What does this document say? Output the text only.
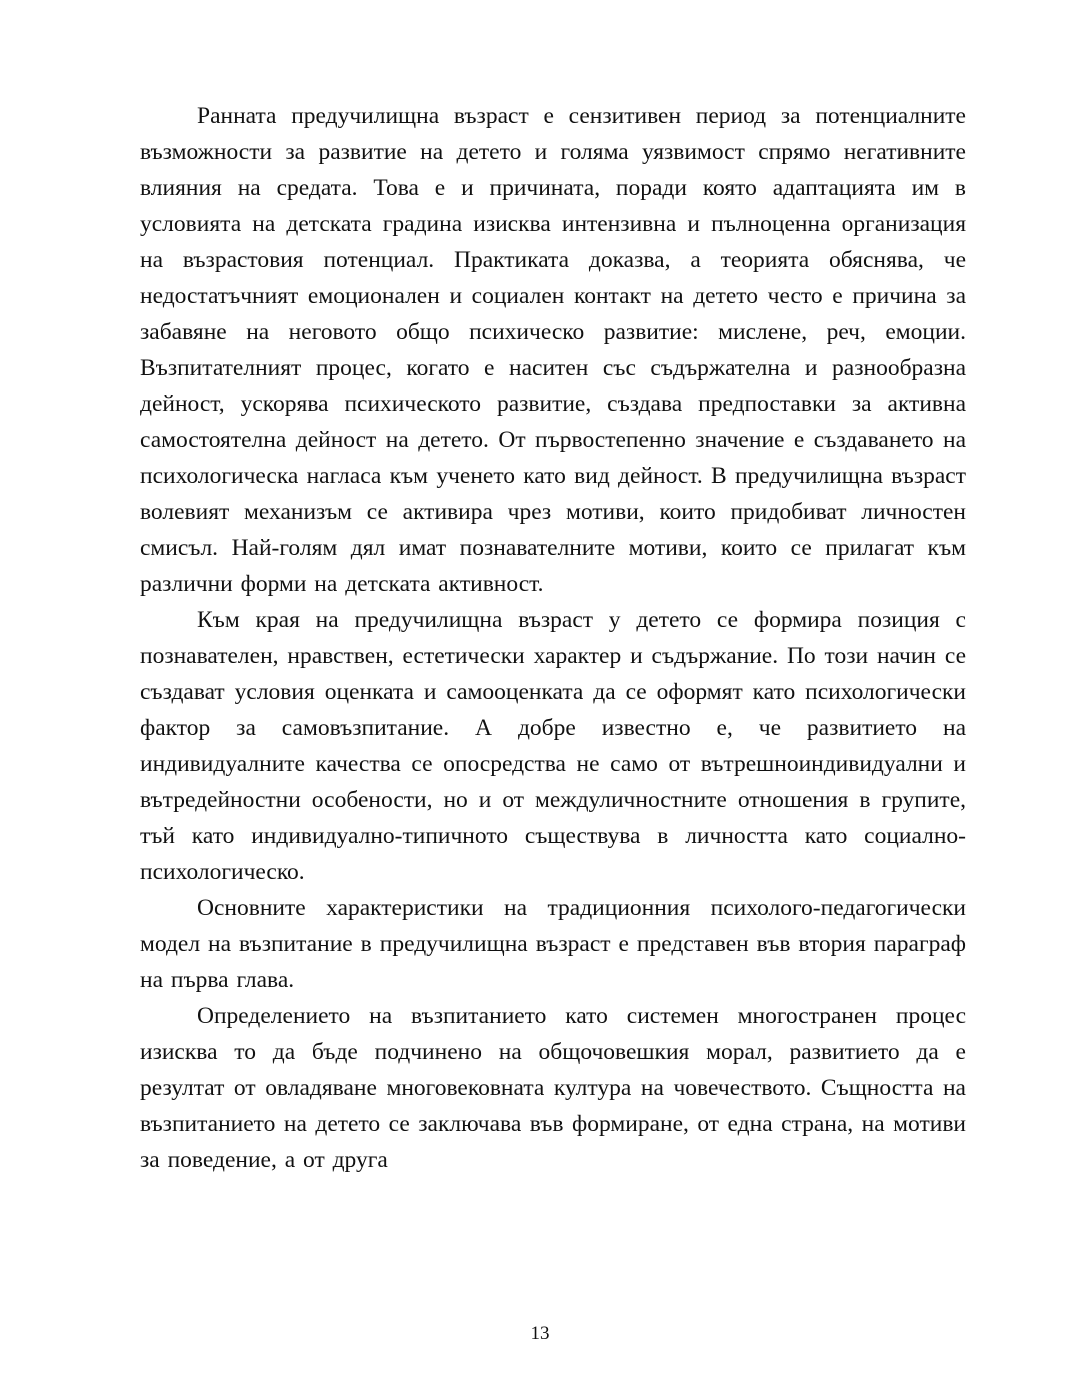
Ранната предучилищна възраст е сензитивен период за потенциалните възможности за развитие на детето и голяма уязвимост спрямо негативните влияния на средата. Това е и причината, поради която адаптацията им в условията на детската градина изисква интензивна и пълноценна организация на възрастовия потенциал. Практиката доказва, а теорията обяснява, че недостатъчният емоционален и социален контакт на детето често е причина за забавяне на неговото общо психическо развитие: мислене, реч, емоции. Възпитателният процес, когато е наситен със съдържателна и разнообразна дейност, ускорява психическото развитие, създава предпоставки за активна самостоятелна дейност на детето. От първостепенно значение е създаването на психологическа нагласа към ученето като вид дейност. В предучилищна възраст волевият механизъм се активира чрез мотиви, които придобиват личностен смисъл. Най-голям дял имат познавателните мотиви, които се прилагат към различни форми на детската активност.

Към края на предучилищна възраст у детето се формира позиция с познавателен, нравствен, естетически характер и съдържание. По този начин се създават условия оценката и самооценката да се оформят като психологически фактор за самовъзпитание. А добре известно е, че развитието на индивидуалните качества се опосредства не само от вътрешноиндивидуални и вътредейностни особености, но и от междуличностните отношения в групите, тъй като индивидуално-типичното съществува в личността като социално-психологическо.

Основните характеристики на традиционния психолого-педагогически модел на възпитание в предучилищна възраст е представен във втория параграф на първа глава.

Определението на възпитанието като системен многостранен процес изисква то да бъде подчинено на общочовешкия морал, развитието да е резултат от овладяване многовековната култура на човечеството. Същността на възпитанието на детето се заключава във формиране, от една страна, на мотиви за поведение, а от друга

13
